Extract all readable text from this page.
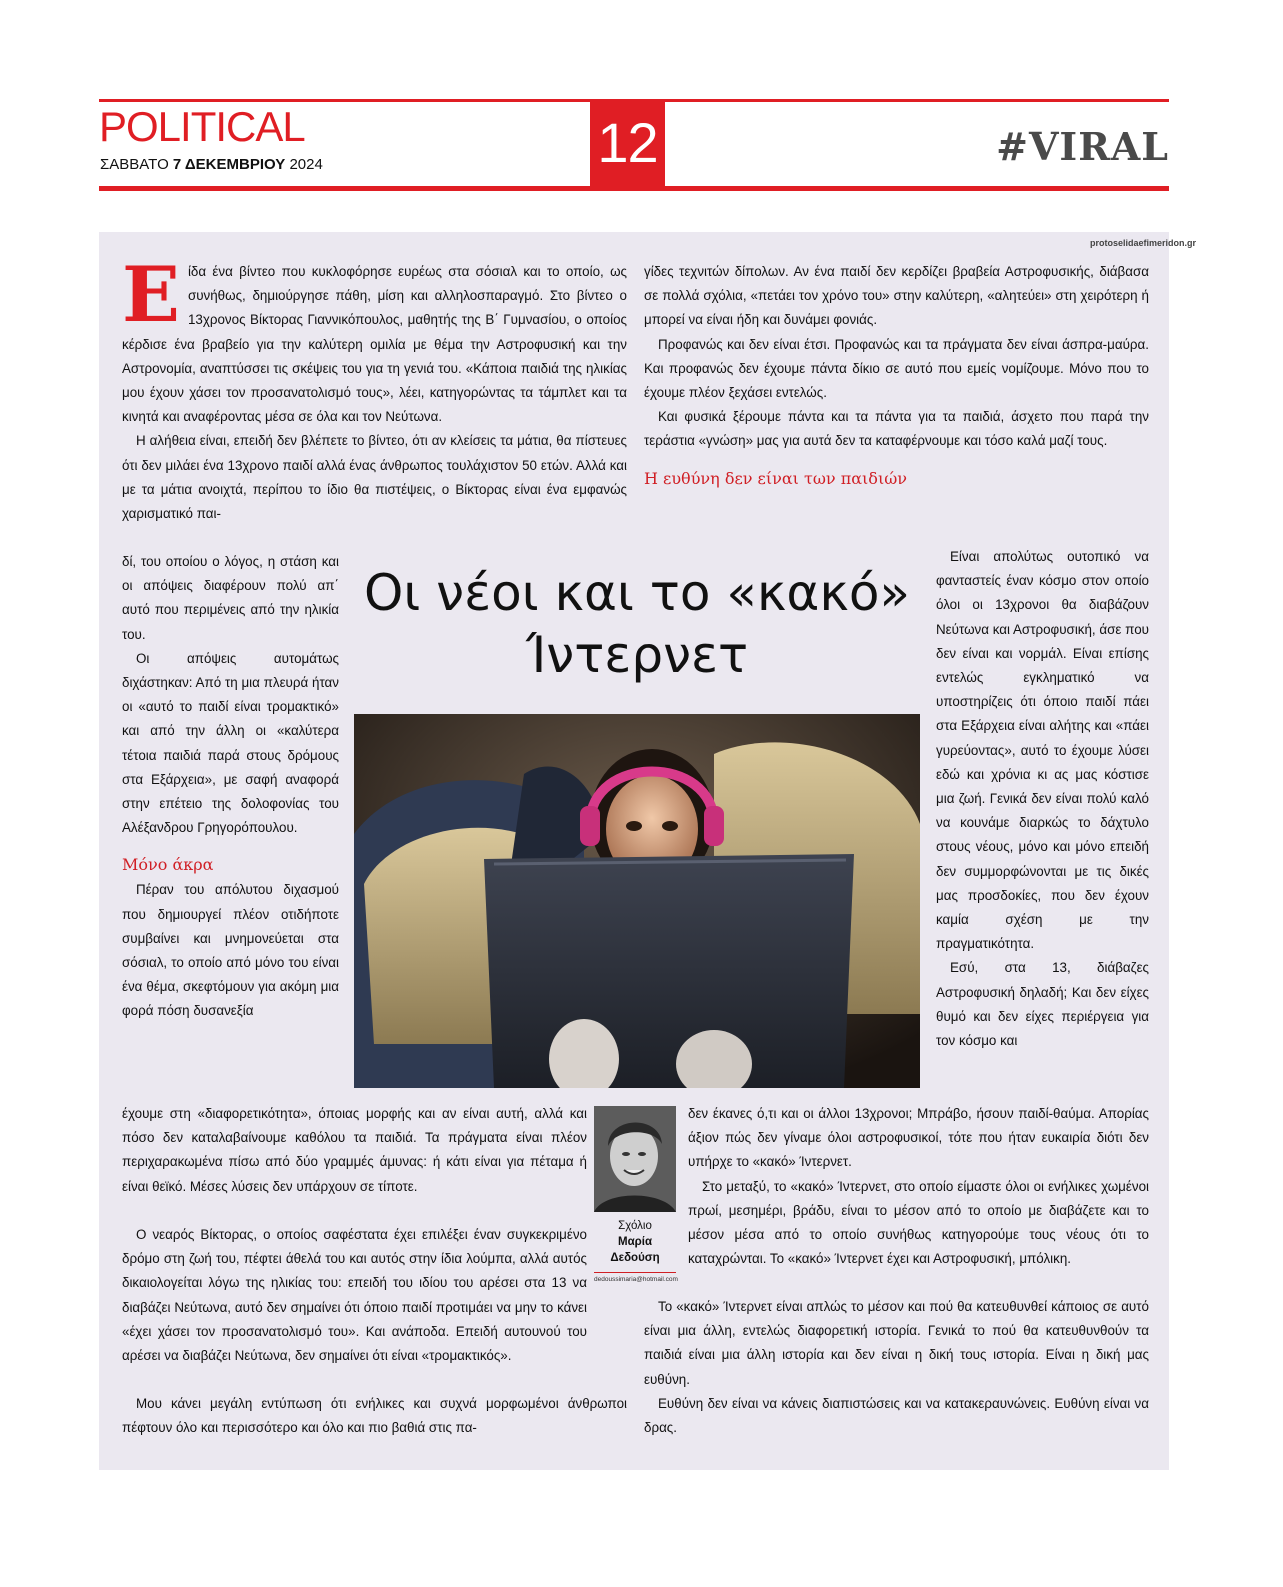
POLITICAL
ΣΑΒΒΑΤΟ 7 ΔΕΚΕΜΒΡΙΟΥ 2024	12	#VIRAL
protoselidaefimeridon.gr
Ε ίδα ένα βίντεο που κυκλοφόρησε ευρέως στα σόσιαλ και το οποίο, ως συνήθως, δημιούργησε πάθη, μίση και αλληλοσπαραγμό. Στο βίντεο ο 13χρονος Βίκτορας Γιαννικόπουλος, μαθητής της Β΄ Γυμνασίου, ο οποίος κέρδισε ένα βραβείο για την καλύτερη ομιλία με θέμα την Αστροφυσική και την Αστρονομία, αναπτύσσει τις σκέψεις του για τη γενιά του. «Κάποια παιδιά της ηλικίας μου έχουν χάσει τον προσανατολισμό τους», λέει, κατηγορώντας τα τάμπλετ και τα κινητά και αναφέροντας μέσα σε όλα και τον Νεύτωνα.

Η αλήθεια είναι, επειδή δεν βλέπετε το βίντεο, ότι αν κλείσεις τα μάτια, θα πίστευες ότι δεν μιλάει ένα 13χρονο παιδί αλλά ένας άνθρωπος τουλάχιστον 50 ετών. Αλλά και με τα μάτια ανοιχτά, περίπου το ίδιο θα πιστέψεις, ο Βίκτορας είναι ένα εμφανώς χαρισματικό παι-

δί, του οποίου ο λόγος, η στάση και οι απόψεις διαφέρουν πολύ απ΄ αυτό που περιμένεις από την ηλικία του.

Οι απόψεις αυτομάτως διχάστηκαν: Από τη μια πλευρά ήταν οι «αυτό το παιδί είναι τρομακτικό» και από την άλλη οι «καλύτερα τέτοια παιδιά παρά στους δρόμους στα Εξάρχεια», με σαφή αναφορά στην επέτειο της δολοφονίας του Αλέξανδρου Γρηγορόπουλου.

Μόνο άκρα

Πέραν του απόλυτου διχασμού που δημιουργεί πλέον οτιδήποτε συμβαίνει και μνημονεύεται στα σόσιαλ, το οποίο από μόνο του είναι ένα θέμα, σκεφτόμουν για ακόμη μια φορά πόση δυσανεξία

έχουμε στη «διαφορετικότητα», όποιας μορφής και αν είναι αυτή, αλλά και πόσο δεν καταλαβαίνουμε καθόλου τα παιδιά. Τα πράγματα είναι πλέον περιχαρακωμένα πίσω από δύο γραμμές άμυνας: ή κάτι είναι για πέταμα ή είναι θεϊκό. Μέσες λύσεις δεν υπάρχουν σε τίποτε.

Ο νεαρός Βίκτορας, ο οποίος σαφέστατα έχει επιλέξει έναν συγκεκριμένο δρόμο στη ζωή του, πέφτει άθελά του και αυτός στην ίδια λούμπα, αλλά αυτός δικαιολογείται λόγω της ηλικίας του: επειδή του ιδίου του αρέσει στα 13 να διαβάζει Νεύτωνα, αυτό δεν σημαίνει ότι όποιο παιδί προτιμάει να μην το κάνει «έχει χάσει τον προσανατολισμό του». Και ανάποδα. Επειδή αυτουνού του αρέσει να διαβάζει Νεύτωνα, δεν σημαίνει ότι είναι «τρομακτικός».

Μου κάνει μεγάλη εντύπωση ότι ενήλικες και συχνά μορφωμένοι άνθρωποι πέφτουν όλο και περισσότερο και όλο και πιο βαθιά στις πα-

γίδες τεχνιτών δίπολων. Αν ένα παιδί δεν κερδίζει βραβεία Αστροφυσικής, διάβασα σε πολλά σχόλια, «πετάει τον χρόνο του» στην καλύτερη, «αλητεύει» στη χειρότερη ή μπορεί να είναι ήδη και δυνάμει φονιάς.

Προφανώς και δεν είναι έτσι. Προφανώς και τα πράγματα δεν είναι άσπρα-μαύρα. Και προφανώς δεν έχουμε πάντα δίκιο σε αυτό που εμείς νομίζουμε. Μόνο που το έχουμε πλέον ξεχάσει εντελώς.

Και φυσικά ξέρουμε πάντα και τα πάντα για τα παιδιά, άσχετο που παρά την τεράστια «γνώση» μας για αυτά δεν τα καταφέρνουμε και τόσο καλά μαζί τους.

Η ευθύνη δεν είναι των παιδιών

Είναι απολύτως ουτοπικό να φανταστείς έναν κόσμο στον οποίο όλοι οι 13χρονοι θα διαβάζουν Νεύτωνα και Αστροφυσική, άσε που δεν είναι και νορμάλ. Είναι επίσης εντελώς εγκληματικό να υποστηρίζεις ότι όποιο παιδί πάει στα Εξάρχεια είναι αλήτης και «πάει γυρεύοντας», αυτό το έχουμε λύσει εδώ και χρόνια κι ας μας κόστισε μια ζωή. Γενικά δεν είναι πολύ καλό να κουνάμε διαρκώς το δάχτυλο στους νέους, μόνο και μόνο επειδή δεν συμμορφώνονται με τις δικές μας προσδοκίες, που δεν έχουν καμία σχέση με την πραγματικότητα.

Εσύ, στα 13, διάβαζες Αστροφυσική δηλαδή; Και δεν είχες θυμό και δεν είχες περιέργεια για τον κόσμο και

δεν έκανες ό,τι και οι άλλοι 13χρονοι; Μπράβο, ήσουν παιδί-θαύμα. Απορίας άξιον πώς δεν γίναμε όλοι αστροφυσικοί, τότε που ήταν ευκαιρία διότι δεν υπήρχε το «κακό» Ίντερνετ.

Στο μεταξύ, το «κακό» Ίντερνετ, στο οποίο είμαστε όλοι οι ενήλικες χωμένοι πρωί, μεσημέρι, βράδυ, είναι το μέσον από το οποίο με διαβάζετε και το μέσον μέσα από το οποίο συνήθως κατηγορούμε τους νέους ότι το καταχρώνται. Το «κακό» Ίντερνετ έχει και Αστροφυσική, μπόλικη.

Το «κακό» Ίντερνετ είναι απλώς το μέσον και πού θα κατευθυνθεί κάποιος σε αυτό είναι μια άλλη, εντελώς διαφορετική ιστορία. Γενικά το πού θα κατευθυνθούν τα παιδιά είναι μια άλλη ιστορία και δεν είναι η δική τους ιστορία. Είναι η δική μας ευθύνη.

Ευθύνη δεν είναι να κάνεις διαπιστώσεις και να κατακεραυνώνεις. Ευθύνη είναι να δρας.

Οι νέοι και το «κακό» Ίντερνετ
Σχόλιο
Μαρία
Δεδούση
dedoussimaria@hotmail.com
